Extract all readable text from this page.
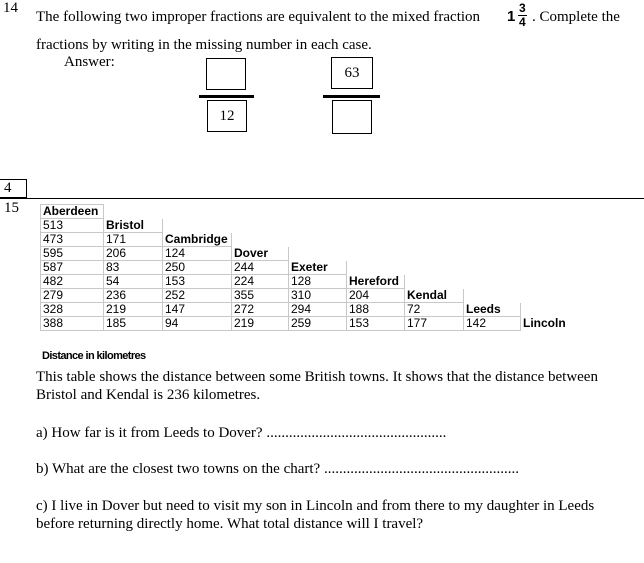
14
The following two improper fractions are equivalent to the mixed fraction 1 3
4 . Complete the
fractions by writing in the missing number in each case.
Answer:
12
63
4
15 Aberdeen								
513	Bristol							
473	171	Cambridge						
595	206	124	Dover					
587	83	250	244	Exeter				
482	54	153	224	128	Hereford			
279	236	252	355	310	204	Kendal		
328	219	147	272	294	188	72	Leeds	
388	185	94	219	259	153	177	142	Lincoln
Distance in kilometres
This table shows the distance between some British towns. It shows that the distance between
Bristol and Kendal is 236 kilometres.
a) How far is it from Leeds to Dover? ................................................
b) What are the closest two towns on the chart? ....................................................
c) I live in Dover but need to visit my son in Lincoln and from there to my daughter in Leeds
before returning directly home. What total distance will I travel?
